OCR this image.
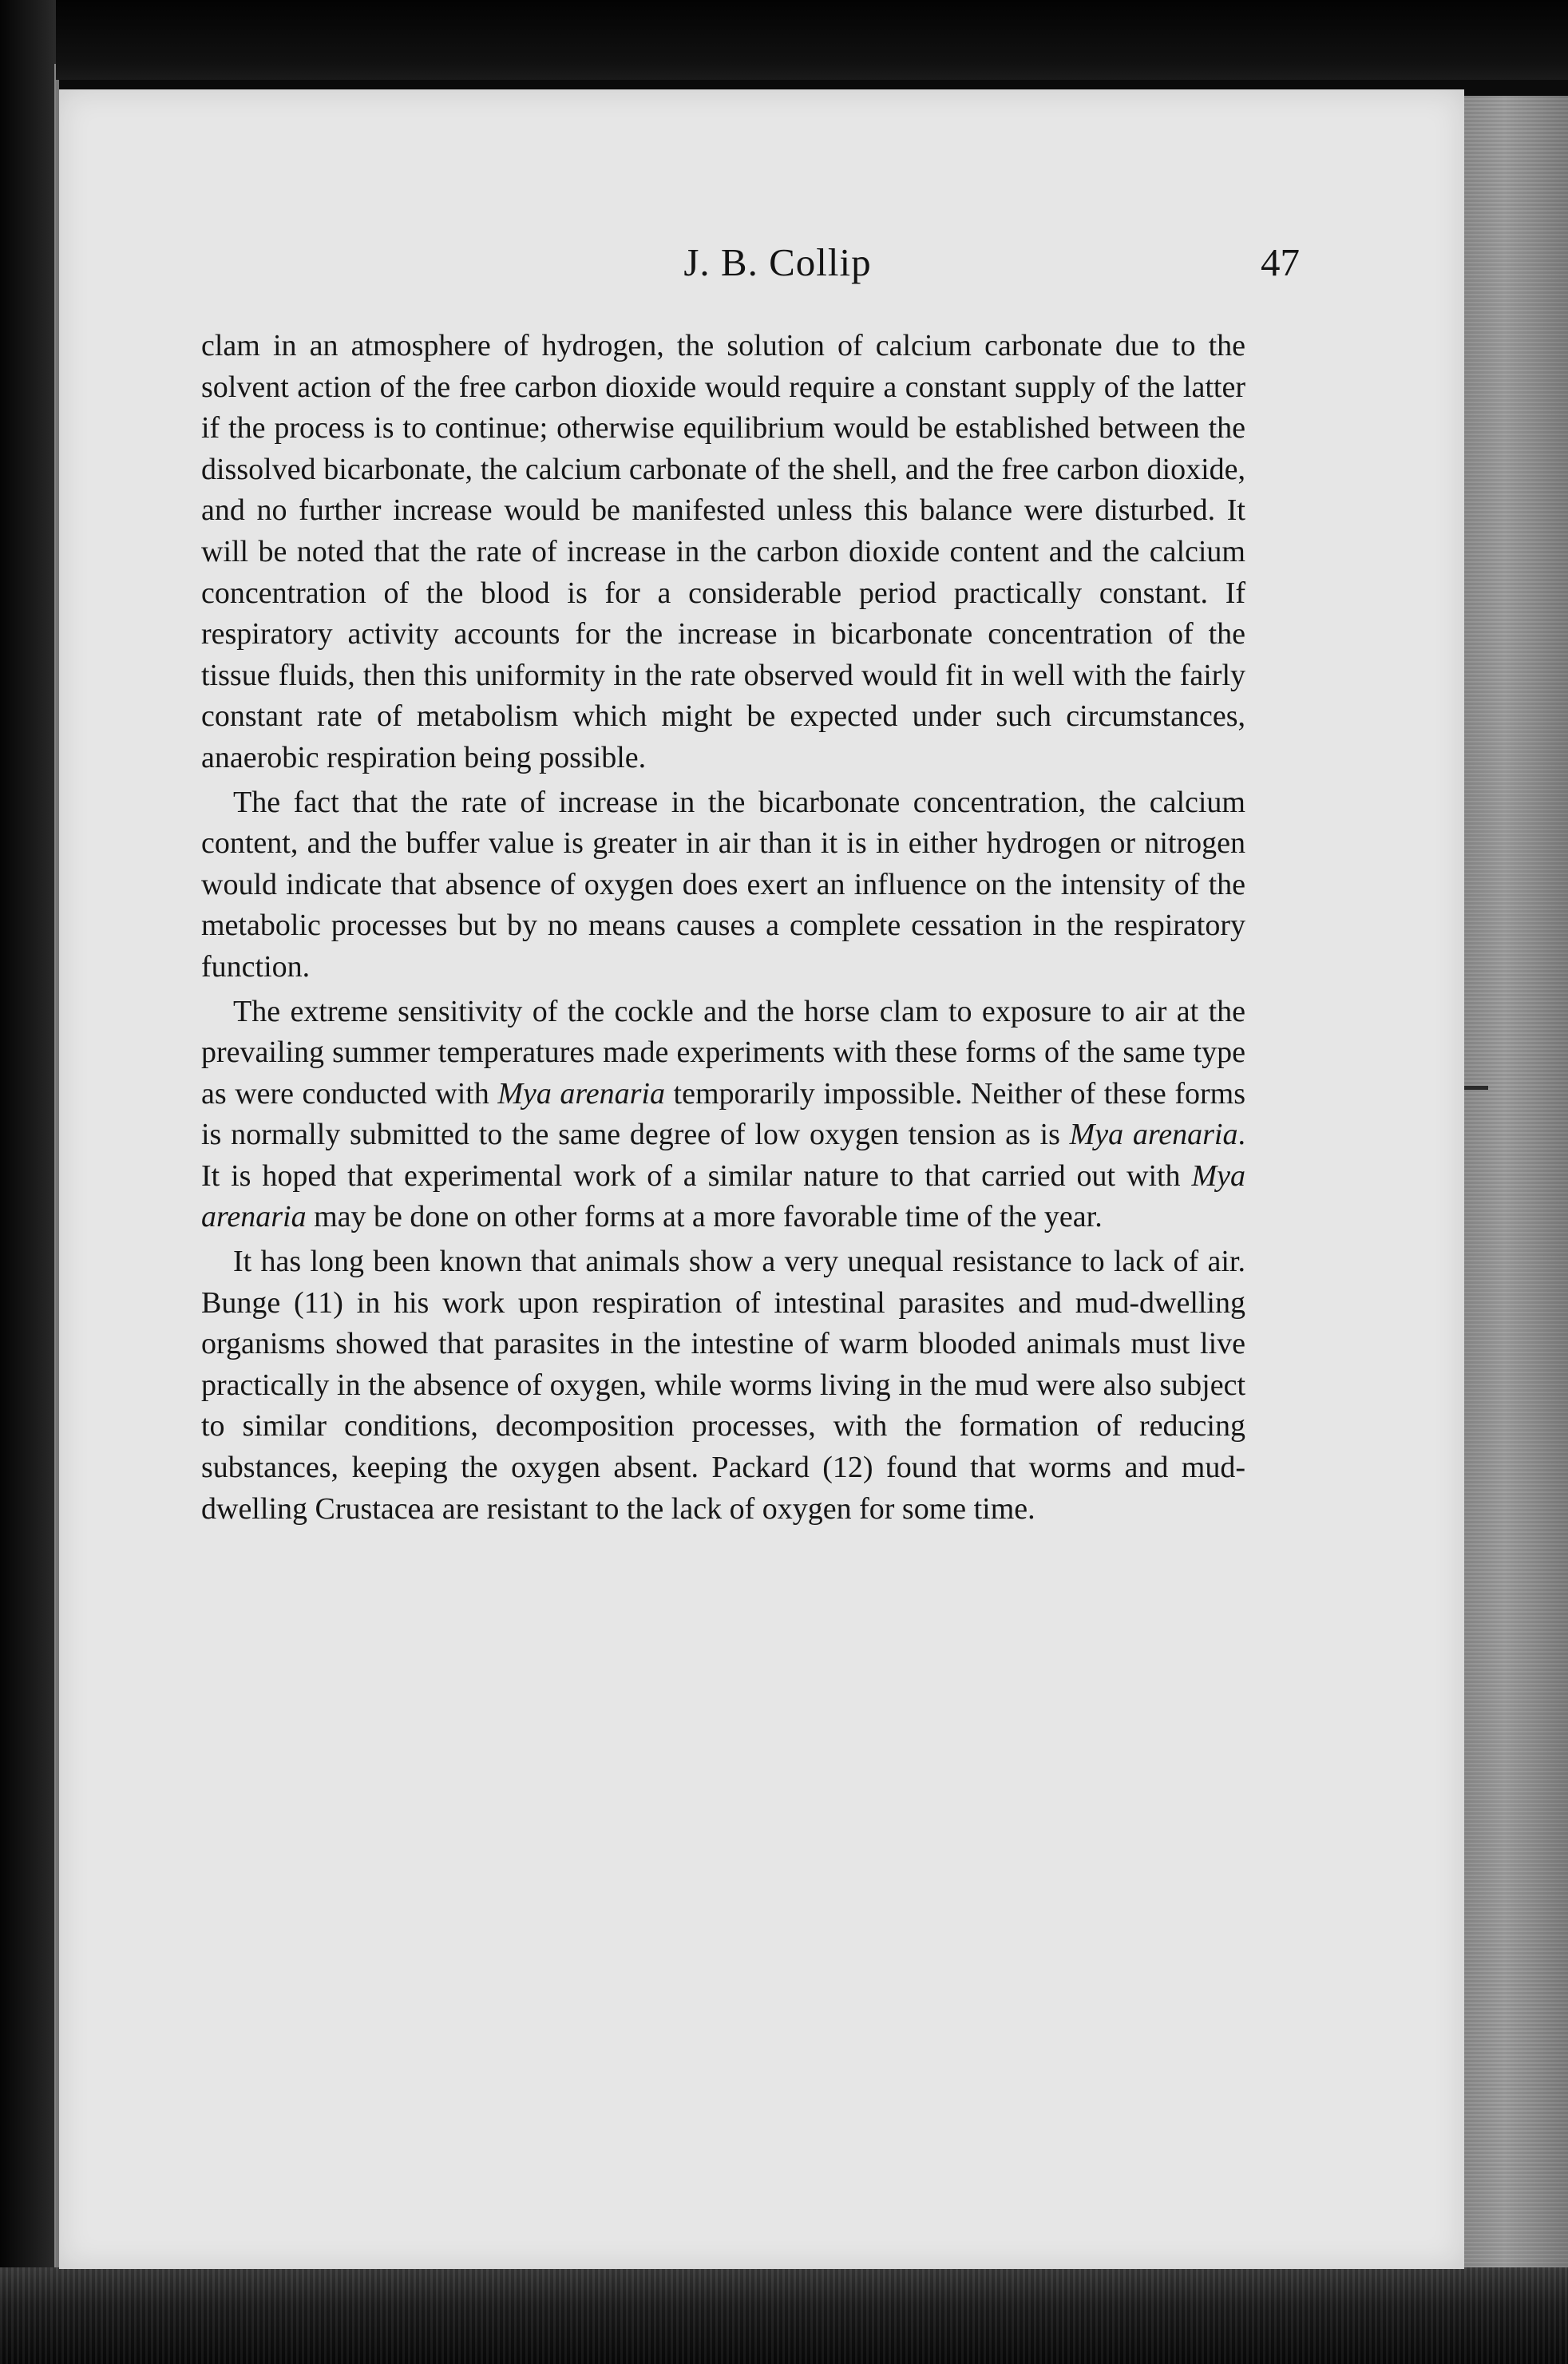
J. B. Collip	47

clam in an atmosphere of hydrogen, the solution of calcium carbonate due to the solvent action of the free carbon dioxide would require a constant supply of the latter if the process is to continue; otherwise equilibrium would be established between the dissolved bicarbonate, the calcium carbonate of the shell, and the free carbon dioxide, and no further increase would be manifested unless this balance were disturbed. It will be noted that the rate of increase in the carbon dioxide content and the calcium concentration of the blood is for a considerable period practically constant. If respiratory activity accounts for the increase in bicarbonate concentration of the tissue fluids, then this uniformity in the rate observed would fit in well with the fairly constant rate of metabolism which might be expected under such circumstances, anaerobic respiration being possible.

The fact that the rate of increase in the bicarbonate concentration, the calcium content, and the buffer value is greater in air than it is in either hydrogen or nitrogen would indicate that absence of oxygen does exert an influence on the intensity of the metabolic processes but by no means causes a complete cessation in the respiratory function.

The extreme sensitivity of the cockle and the horse clam to exposure to air at the prevailing summer temperatures made experiments with these forms of the same type as were conducted with Mya arenaria temporarily impossible. Neither of these forms is normally submitted to the same degree of low oxygen tension as is Mya arenaria. It is hoped that experimental work of a similar nature to that carried out with Mya arenaria may be done on other forms at a more favorable time of the year.

It has long been known that animals show a very unequal resistance to lack of air. Bunge (11) in his work upon respiration of intestinal parasites and mud-dwelling organisms showed that parasites in the intestine of warm blooded animals must live practically in the absence of oxygen, while worms living in the mud were also subject to similar conditions, decomposition processes, with the formation of reducing substances, keeping the oxygen absent. Packard (12) found that worms and mud-dwelling Crustacea are resistant to the lack of oxygen for some time.
